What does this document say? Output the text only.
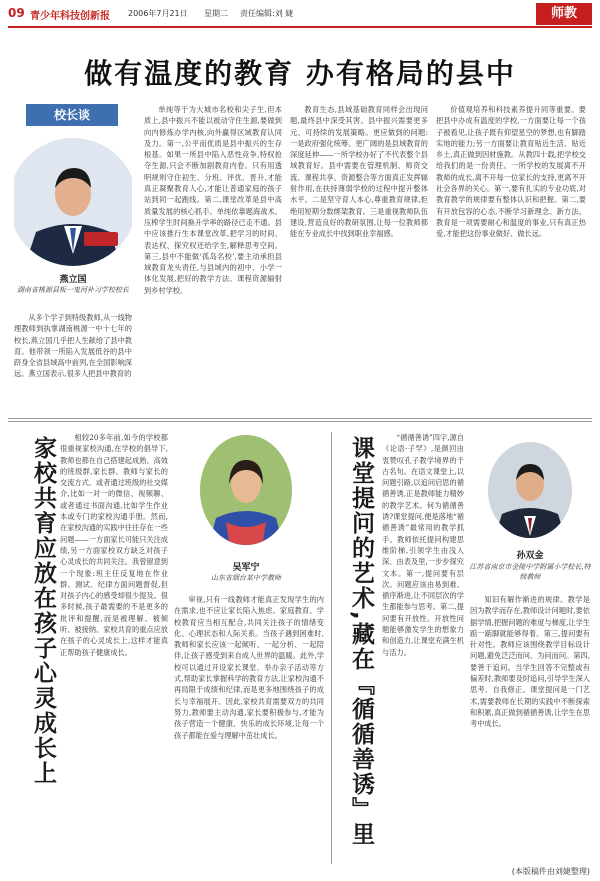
09 青少年科技创新报 2006年7月21日 星期二 责任编辑:刘 婕	师教
做有温度的教育 办有格局的县中
校长谈
燕立国
湖南省桃源县板一鬼河补习学校校长

从多个学子到特级教师,从一线物理教师到执掌湖南桃源一中十七年的校长,燕立国几乎把人生献给了县中教育。他带领一所陷入发展低谷的县中跻身全省县域高中前列,在全国影响深远。燕立国表示,很多人把县中教育的

单纯等于为大城市名校和尖子生,但本质上,县中振兴不能以被动守住生源,要做到向内修炼办学内核,向外赢得区域教育认同及力。第一,公平而优质是县中振兴的生存根基。如果一所县中陷入恶性竞争,特权抢夺生源,只会不断加剧教育内卷。只有用透明规则守住初生、分班、评优、晋升,才能真正凝聚教育人心,才能让普通家庭的孩子站到同一起跑线。第二,课堂改革是县中高质量发展的核心抓手。单纯依靠题海战术、压榨学生时间换升学率的路径已走不通。县中应该推行生本课堂改革,把学习的时间、表达权、探究权还给学生,解释思考空间。第三,县中不能做‘孤岛名校’,要主动承担县域教育龙头责任,与县域内的初中、小学一体化发展,把好的教学方法、课程资源辐射到乡村学校。

教育生态,县域基础教育同样会出现问题,最终县中深受其害。县中振兴需要更多元、可持续的发展策略。更应做到的问题:一是政府强化统筹。更广阔的是县域教育的深度延伸——一所学校办好了不代表整个县域教育好。县中需要在管理机制、师资交流、课程共享、资源整合等方面真正发挥辐射作用,在扶持薄弱学校的过程中提升整体水平。二是坚守育人本心,尊重教育规律,拒绝用短期分数绑架教育。三是重视教师队伍建设,营造良好的教研氛围,让每一位教师都能在专业成长中找到职业幸福感。

价值观培养和科技素养提升同等重要。要把县中办成有温度的学校,一方面要让每一个孩子被看见,让孩子既有仰望星空的梦想,也有脚踏实地的能力;另一方面要让教育贴近生活、贴近乡土,真正做到因材施教。从教四十载,把学校交给我们的是一份责任。一所学校的发展离不开教师的成长,离不开每一位家长的支持,更离不开社会各界的关心。第一,要有扎实的专业功底,对教育教学的规律要有整体认识和把握。第二,要有开放包容的心态,不断学习新理念、新方法。教育是一项需要耐心和温度的事业,只有真正热爱,才能把这份事业做好、做长远。

家校共育应放在孩子心灵成长上	相较20多年前,如今的学校都很重视家校沟通,在学校的倡导下,教师也都在自己搭建起成熟、高效的班级群,家长群。教师与家长的交流方式、或者通过班级的社交媒介,比如一对一的微信、视频聊、或者通过书面沟通,比如学生作业本或专门的家校沟通手册。然而,在家校沟通的实践中往往存在一些问题——一方面家长可能只关注成绩,另一方面家校双方缺乏对孩子心灵成长的共同关注。我曾留意到一个现象:班主任反复地在作业群、测试、纪律方面问题督促,但对孩子内心的感受却很少提及。很多时候,孩子最需要的不是更多的批评和提醒,而是被理解、被倾听、被接纳。家校共育的重点应放在孩子的心灵成长上,这样才能真正帮助孩子健康成长。

吴军宁
山东省烟台某中学教师

审视,只有一线教师才能真正发现学生的内在需求,也不应让家长陷入焦虑。家庭教育、学校教育应当相互配合,共同关注孩子的情绪变化、心理状态和人际关系。当孩子遇到困难时,教师和家长应该一起倾听、一起分析、一起陪伴,让孩子感受到来自成人世界的温暖。此外,学校可以通过开设家长课堂、举办亲子活动等方式,帮助家长掌握科学的教育方法,让家校沟通不再局限于成绩和纪律,而是更多地围绕孩子的成长与幸福展开。因此,家校共育需要双方的共同努力,教师要主动沟通,家长要积极参与,才能为孩子营造一个健康、快乐的成长环境,让每一个孩子都能在爱与理解中茁壮成长。	课堂提问的艺术,藏在『循循善诱』里	“循循善诱”四字,源自《论语·子罕》,是颜回由衷赞叹孔子教学境界的千古名句。在语文课堂上,以问题引路,以追问启思的循循善诱,正是教师能力精妙的教学艺术。何为循循善诱?课堂提问,便是落地“循循善诱”最常用的教学抓手。教师依托提问构建思维阶梯,引领学生由浅入深、由表及里,一步步探究文本。第一,提问要有层次。问题应该由易到难、循序渐进,让不同层次的学生都能参与思考。第二,提问要有开放性。开放性问题能够激发学生的想象力和创造力,让课堂充满生机与活力。

孙双金
江苏省南京市金陵中学附属小学校长,特级教师

知旧有解作渐进的规律。教学是因为教学而存在,教师设计问题时,要依据学情,把握问题的难度与梯度,让学生踮一踮脚就能够得着。第三,提问要有针对性。教师应该围绕教学目标设计问题,避免泛泛而问、为问而问。第四,要善于追问。当学生回答不完整或有偏差时,教师要及时追问,引导学生深入思考、自我修正。课堂提问是一门艺术,需要教师在长期的实践中不断探索和积累,真正做到循循善诱,让学生在思考中成长。

(本版稿件由刘婕整理)
